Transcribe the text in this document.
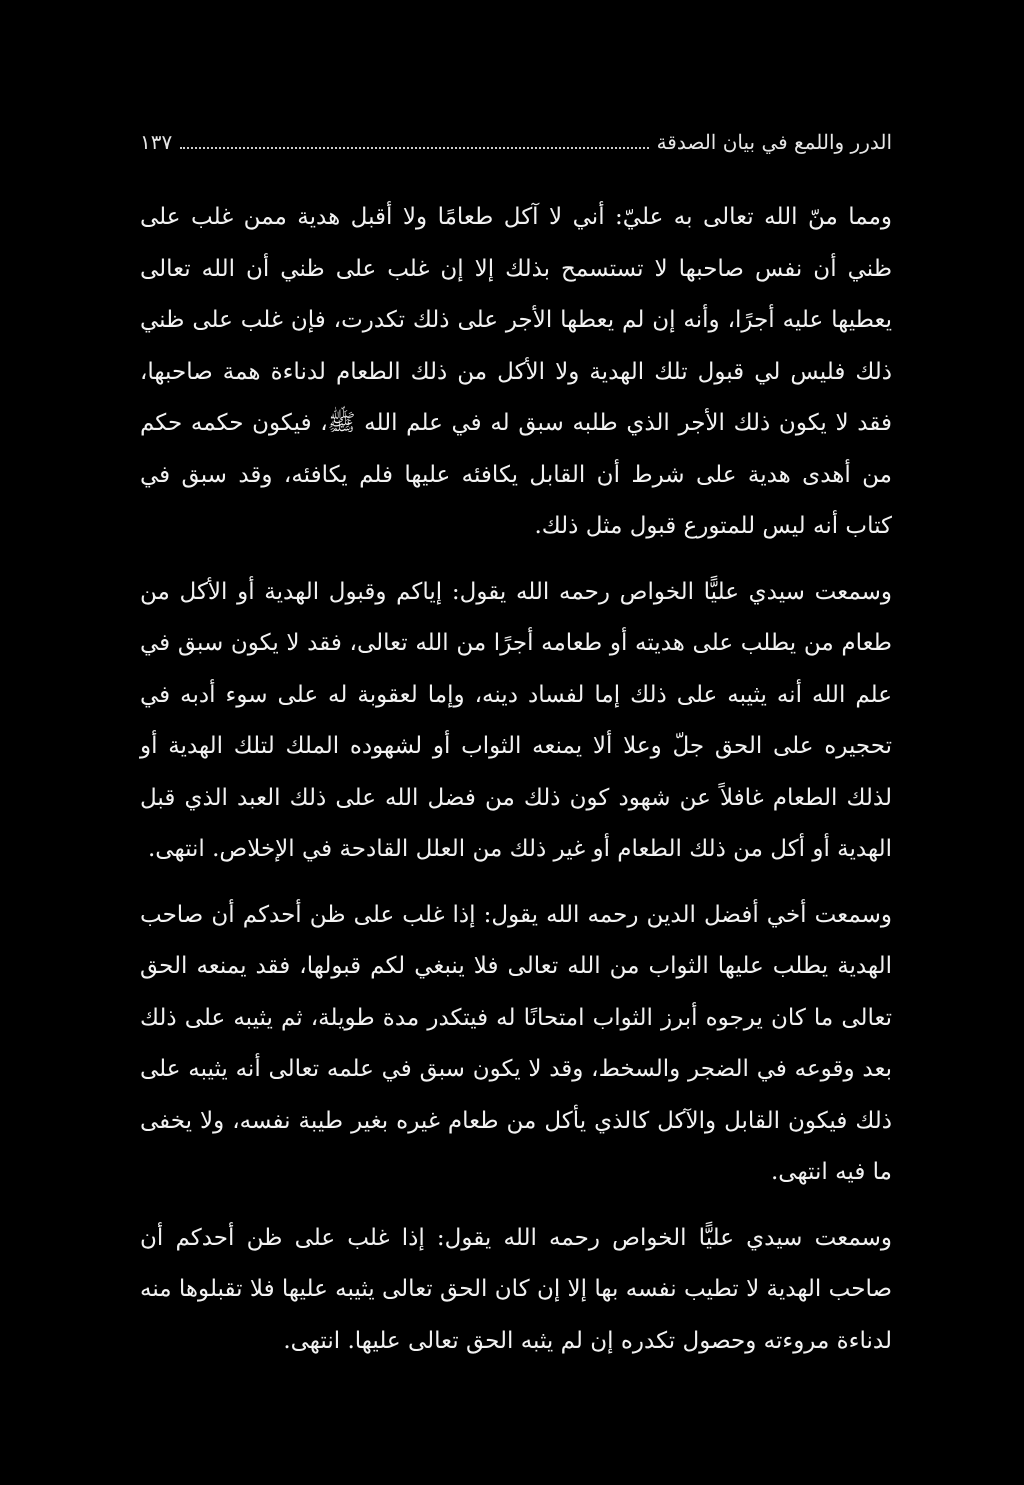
الدرر واللمع في بيان الصدقة
١٣٧

ومما منّ الله تعالى به عليّ: أني لا آكل طعامًا ولا أقبل هدية ممن غلب على ظني أن نفس صاحبها لا تستسمح بذلك إلا إن غلب على ظني أن الله تعالى يعطيها عليه أجرًا، وأنه إن لم يعطها الأجر على ذلك تكدرت، فإن غلب على ظني ذلك فليس لي قبول تلك الهدية ولا الأكل من ذلك الطعام لدناءة همة صاحبها، فقد لا يكون ذلك الأجر الذي طلبه سبق له في علم الله ﷺ، فيكون حكمه حكم من أهدى هدية على شرط أن القابل يكافئه عليها فلم يكافئه، وقد سبق في كتاب أنه ليس للمتورع قبول مثل ذلك.

وسمعت سيدي عليًّا الخواص رحمه الله يقول: إياكم وقبول الهدية أو الأكل من طعام من يطلب على هديته أو طعامه أجرًا من الله تعالى، فقد لا يكون سبق في علم الله أنه يثيبه على ذلك إما لفساد دينه، وإما لعقوبة له على سوء أدبه في تحجيره على الحق جلّ وعلا ألا يمنعه الثواب أو لشهوده الملك لتلك الهدية أو لذلك الطعام غافلاً عن شهود كون ذلك من فضل الله على ذلك العبد الذي قبل الهدية أو أكل من ذلك الطعام أو غير ذلك من العلل القادحة في الإخلاص. انتهى.

وسمعت أخي أفضل الدين رحمه الله يقول: إذا غلب على ظن أحدكم أن صاحب الهدية يطلب عليها الثواب من الله تعالى فلا ينبغي لكم قبولها، فقد يمنعه الحق تعالى ما كان يرجوه أبرز الثواب امتحانًا له فيتكدر مدة طويلة، ثم يثيبه على ذلك بعد وقوعه في الضجر والسخط، وقد لا يكون سبق في علمه تعالى أنه يثيبه على ذلك فيكون القابل والآكل كالذي يأكل من طعام غيره بغير طيبة نفسه، ولا يخفى ما فيه انتهى.

وسمعت سيدي عليًّا الخواص رحمه الله يقول: إذا غلب على ظن أحدكم أن صاحب الهدية لا تطيب نفسه بها إلا إن كان الحق تعالى يثيبه عليها فلا تقبلوها منه لدناءة مروءته وحصول تكدره إن لم يثبه الحق تعالى عليها. انتهى.
